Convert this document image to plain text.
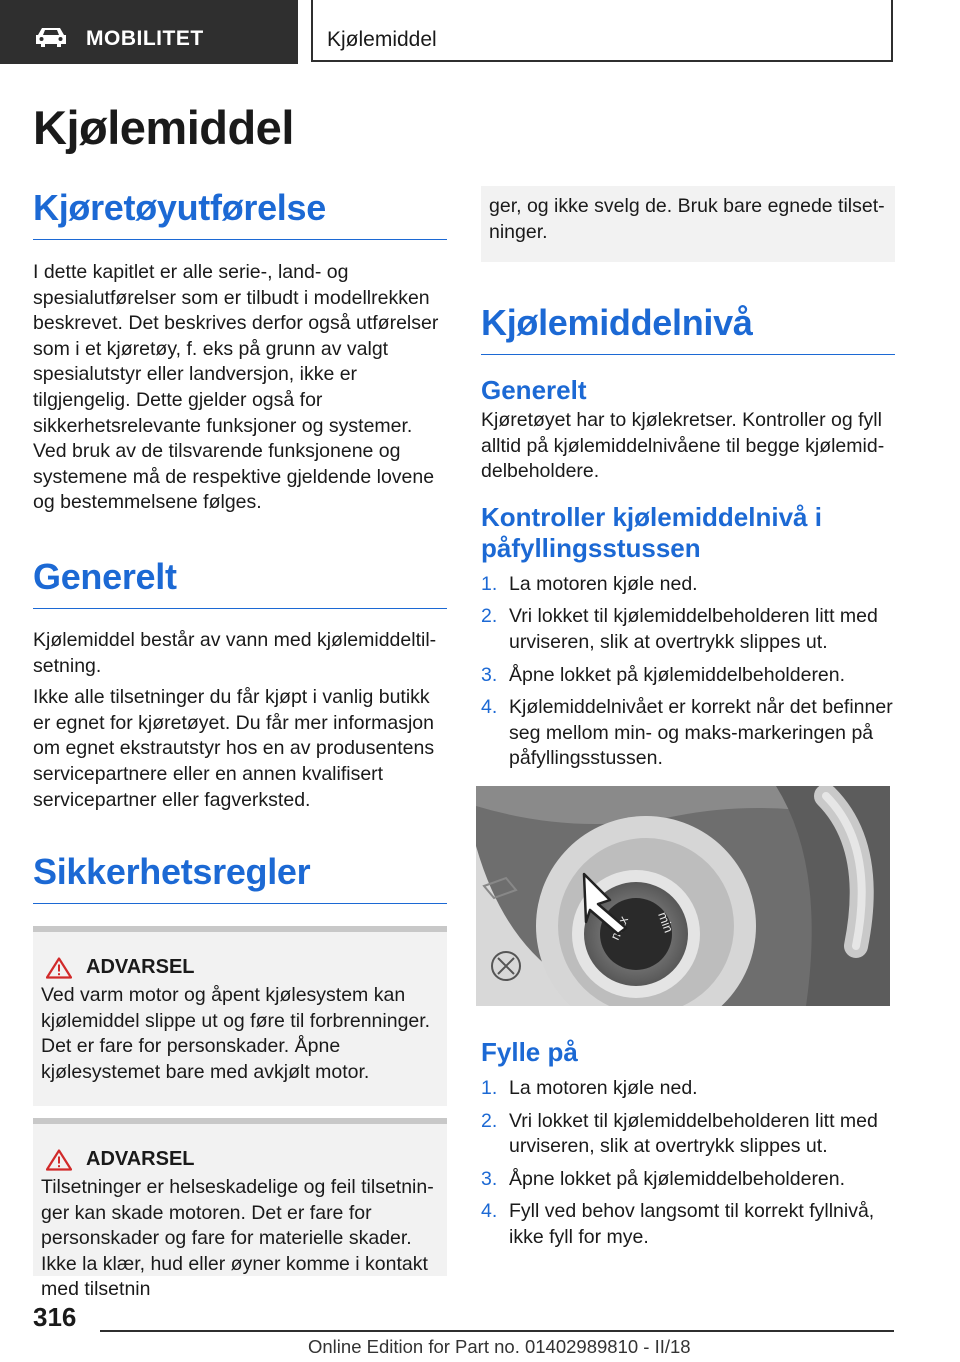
MOBILITET	Kjølemiddel
Kjølemiddel
Kjøretøyutførelse

I dette kapitlet er alle serie-, land- og spesialutførelser som er tilbudt i modellrekken beskrevet. Det beskrives derfor også utførelser som i et kjøretøy, f. eks på grunn av valgt spesialutstyr eller landversjon, ikke er tilgjengelig. Dette gjelder også for sikkerhetsrelevante funksjoner og systemer. Ved bruk av de tilsvarende funksjonene og systemene må de respektive gjeldende lovene og bestemmelsene følges.

Generelt

Kjølemiddel består av vann med kjølemiddeltilsetning.

Ikke alle tilsetninger du får kjøpt i vanlig butikk er egnet for kjøretøyet. Du får mer informasjon om egnet ekstrautstyr hos en av produsentens servicepartnere eller en annen kvalifisert servicepartner eller fagverksted.

Sikkerhetsregler
ADVARSEL

Ved varm motor og åpent kjølesystem kan kjølemiddel slippe ut og føre til forbrenninger. Det er fare for personskader. Åpne kjølesystemet bare med avkjølt motor.

ADVARSEL

Tilsetninger er helseskadelige og feil tilsetninger kan skade motoren. Det er fare for personskader og fare for materielle skader. Ikke la klær, hud eller øyner komme i kontakt med tilsetnin

ger, og ikke svelg de. Bruk bare egnede tilsetninger.

Kjølemiddelnivå
Generelt

Kjøretøyet har to kjølekretser. Kontroller og fyll alltid på kjølemiddelnivåene til begge kjølemiddelbeholdere.

Kontroller kjølemiddelnivå i påfyllingsstussen
1. La motoren kjøle ned.
2. Vri lokket til kjølemiddelbeholderen litt med urviseren, slik at overtrykk slippes ut.
3. Åpne lokket på kjølemiddelbeholderen.
4. Kjølemiddelnivået er korrekt når det befinner seg mellom min- og maks-markeringen på påfyllingsstussen.
min
Fylle på
1. La motoren kjøle ned.
2. Vri lokket til kjølemiddelbeholderen litt med urviseren, slik at overtrykk slippes ut.
3. Åpne lokket på kjølemiddelbeholderen.
4. Fyll ved behov langsomt til korrekt fyllnivå, ikke fyll for mye.
316
Online Edition for Part no. 01402989810 - II/18
